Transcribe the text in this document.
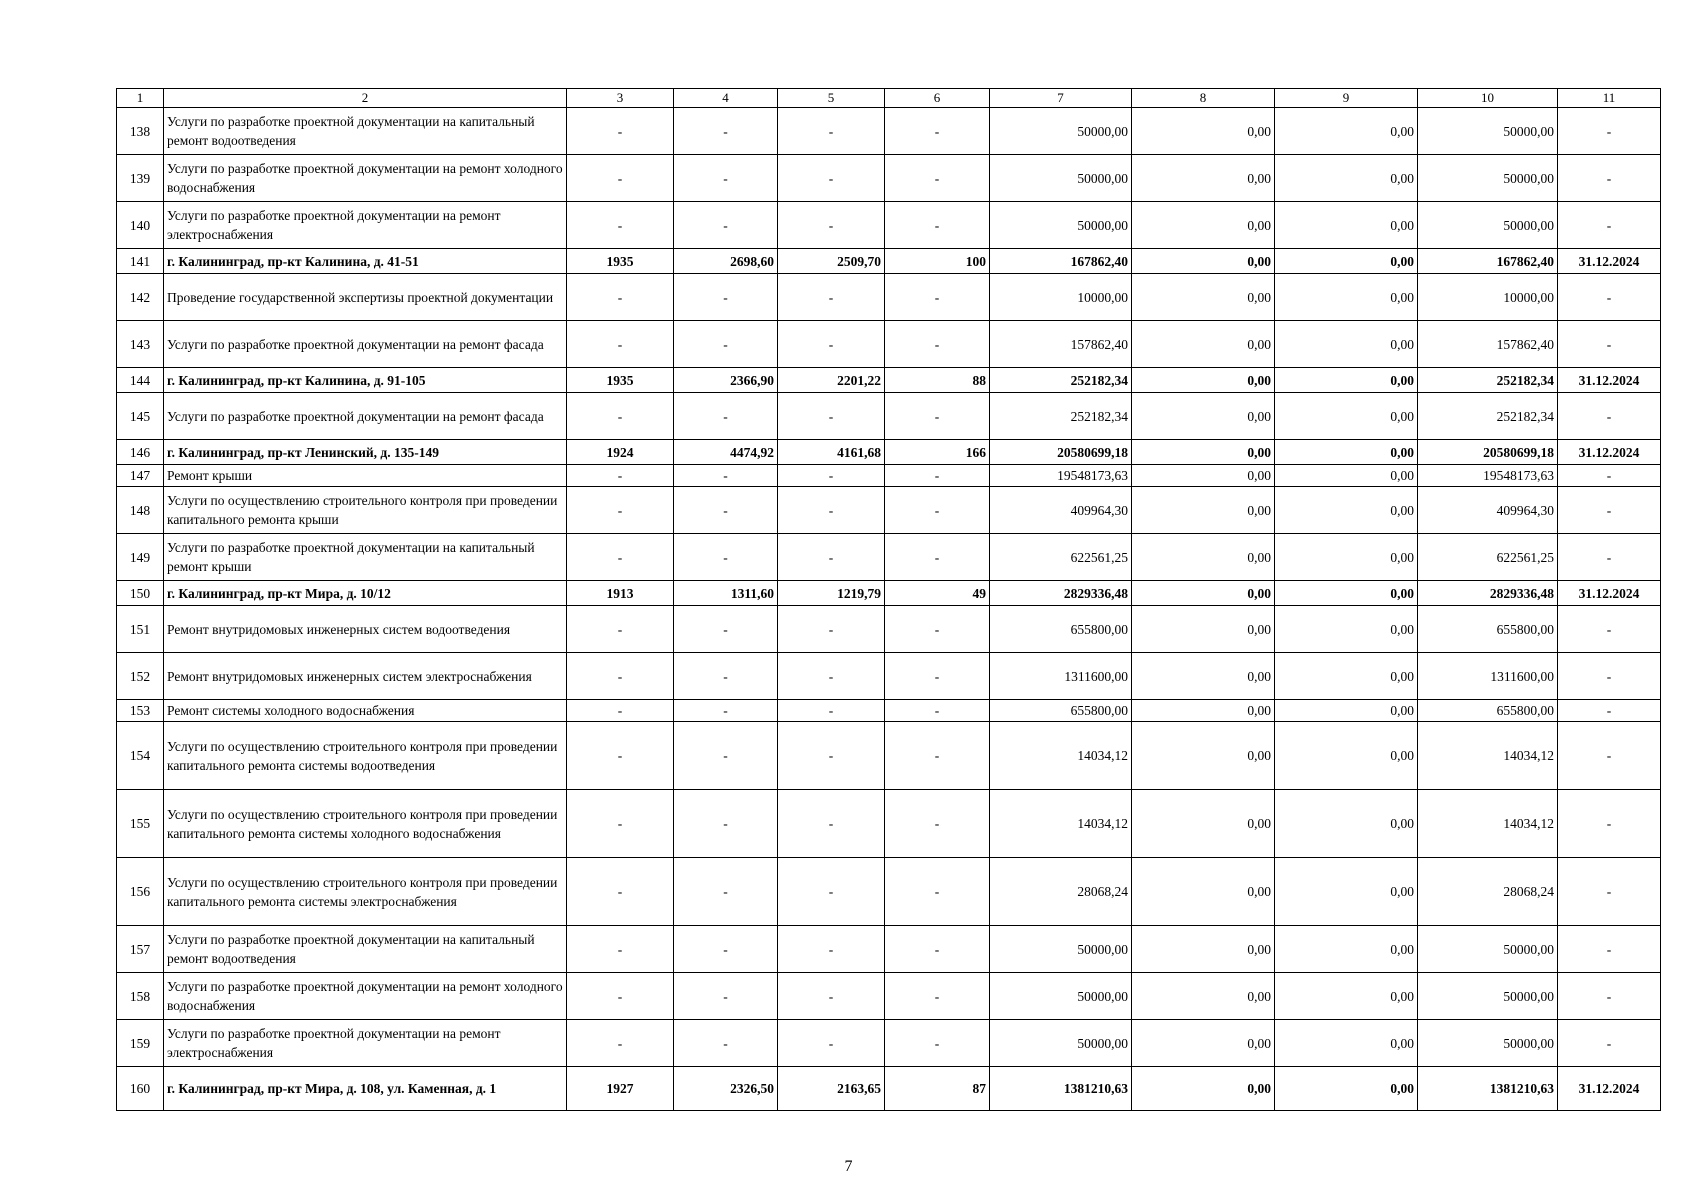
1	2	3	4	5	6	7	8	9	10	11
138	Услуги по разработке проектной документации на капитальный ремонт водоотведения	-	-	-	-	50000,00	0,00	0,00	50000,00	-
139	Услуги по разработке проектной документации на ремонт холодного водоснабжения	-	-	-	-	50000,00	0,00	0,00	50000,00	-
140	Услуги по разработке проектной документации на ремонт электроснабжения	-	-	-	-	50000,00	0,00	0,00	50000,00	-
141	г. Калининград, пр-кт Калинина, д. 41-51	1935	2698,60	2509,70	100	167862,40	0,00	0,00	167862,40	31.12.2024
142	Проведение государственной экспертизы проектной документации	-	-	-	-	10000,00	0,00	0,00	10000,00	-
143	Услуги по разработке проектной документации на ремонт фасада	-	-	-	-	157862,40	0,00	0,00	157862,40	-
144	г. Калининград, пр-кт Калинина, д. 91-105	1935	2366,90	2201,22	88	252182,34	0,00	0,00	252182,34	31.12.2024
145	Услуги по разработке проектной документации на ремонт фасада	-	-	-	-	252182,34	0,00	0,00	252182,34	-
146	г. Калининград, пр-кт Ленинский, д. 135-149	1924	4474,92	4161,68	166	20580699,18	0,00	0,00	20580699,18	31.12.2024
147	Ремонт крыши	-	-	-	-	19548173,63	0,00	0,00	19548173,63	-
148	Услуги по осуществлению строительного контроля при проведении капитального ремонта крыши	-	-	-	-	409964,30	0,00	0,00	409964,30	-
149	Услуги по разработке проектной документации на капитальный ремонт крыши	-	-	-	-	622561,25	0,00	0,00	622561,25	-
150	г. Калининград, пр-кт Мира, д. 10/12	1913	1311,60	1219,79	49	2829336,48	0,00	0,00	2829336,48	31.12.2024
151	Ремонт внутридомовых инженерных систем водоотведения	-	-	-	-	655800,00	0,00	0,00	655800,00	-
152	Ремонт внутридомовых инженерных систем электроснабжения	-	-	-	-	1311600,00	0,00	0,00	1311600,00	-
153	Ремонт системы холодного водоснабжения	-	-	-	-	655800,00	0,00	0,00	655800,00	-
154	Услуги по осуществлению строительного контроля при проведении капитального ремонта системы водоотведения	-	-	-	-	14034,12	0,00	0,00	14034,12	-
155	Услуги по осуществлению строительного контроля при проведении капитального ремонта системы холодного водоснабжения	-	-	-	-	14034,12	0,00	0,00	14034,12	-
156	Услуги по осуществлению строительного контроля при проведении капитального ремонта системы электроснабжения	-	-	-	-	28068,24	0,00	0,00	28068,24	-
157	Услуги по разработке проектной документации на капитальный ремонт водоотведения	-	-	-	-	50000,00	0,00	0,00	50000,00	-
158	Услуги по разработке проектной документации на ремонт холодного водоснабжения	-	-	-	-	50000,00	0,00	0,00	50000,00	-
159	Услуги по разработке проектной документации на ремонт электроснабжения	-	-	-	-	50000,00	0,00	0,00	50000,00	-
160	г. Калининград, пр-кт Мира, д. 108, ул. Каменная, д. 1	1927	2326,50	2163,65	87	1381210,63	0,00	0,00	1381210,63	31.12.2024
7
